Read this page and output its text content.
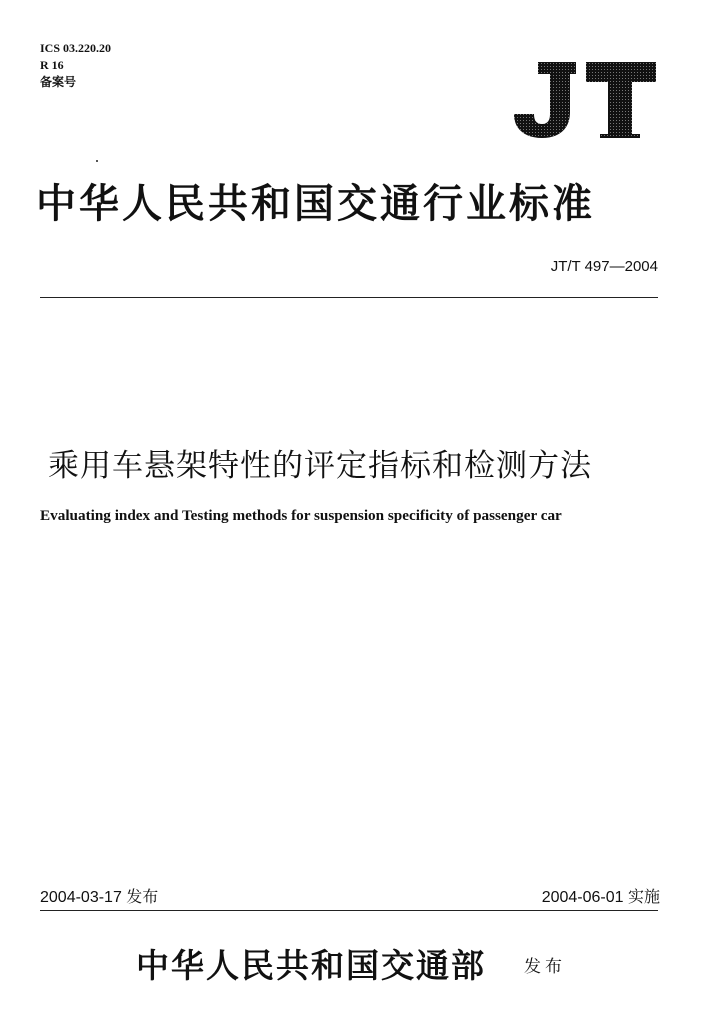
ICS 03.220.20
R 16
备案号
中华人民共和国交通行业标准
JT/T 497—2004
乘用车悬架特性的评定指标和检测方法
Evaluating index and Testing methods for suspension specificity of passenger car
2004-03-17 发布	2004-06-01 实施
中华人民共和国交通部 发布
